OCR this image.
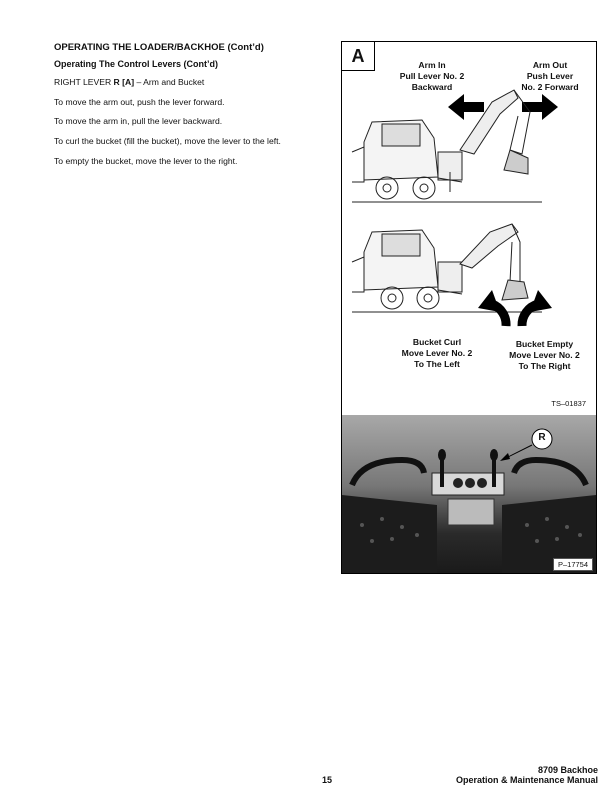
OPERATING THE LOADER/BACKHOE (Cont’d)
Operating The Control Levers (Cont’d)
RIGHT LEVER R [A] – Arm and Bucket
To move the arm out, push the lever forward.
To move the arm in, pull the lever backward.
To curl the bucket (fill the bucket), move the lever to the left.
To empty the bucket, move the lever to the right.
A	Arm In
Pull Lever No. 2
Backward
Arm Out
Push Lever
No. 2 Forward
Bucket Curl
Move Lever No. 2
To The Left
Bucket Empty
Move Lever No. 2
To The Right
TS–01837
R
P–17754
15
8709 Backhoe
Operation & Maintenance Manual
